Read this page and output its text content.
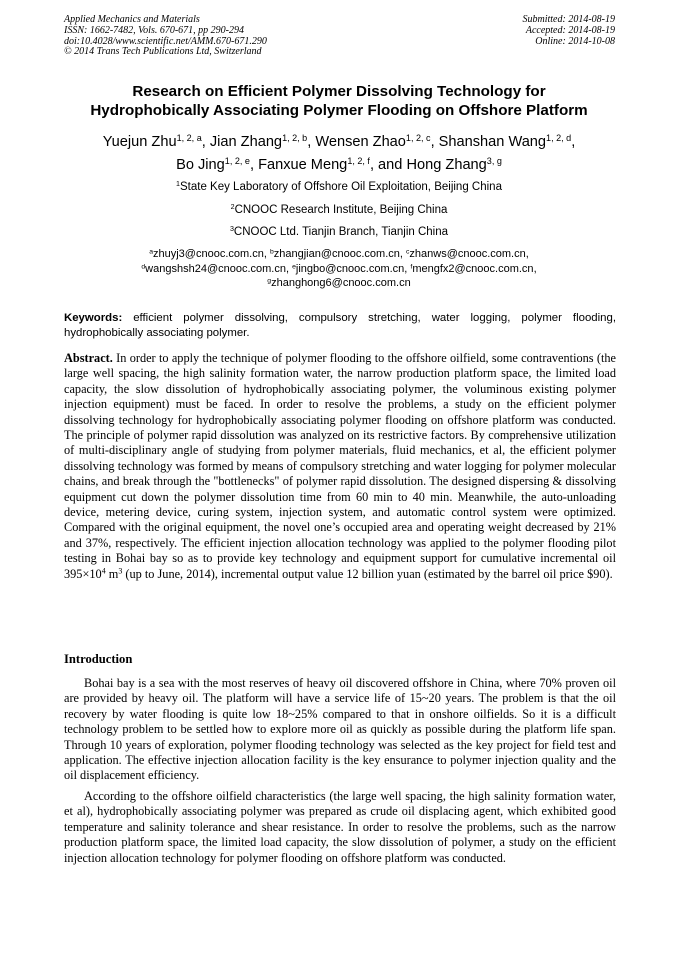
Applied Mechanics and Materials
ISSN: 1662-7482, Vols. 670-671, pp 290-294
doi:10.4028/www.scientific.net/AMM.670-671.290
© 2014 Trans Tech Publications Ltd, Switzerland
Submitted: 2014-08-19
Accepted: 2014-08-19
Online: 2014-10-08
Research on Efficient Polymer Dissolving Technology for
Hydrophobically Associating Polymer Flooding on Offshore Platform
Yuejun Zhu$^{1, 2, a}$, Jian Zhang$^{1, 2, b}$, Wensen Zhao$^{1, 2, c}$, Shanshan Wang$^{1, 2, d}$,
Bo Jing$^{1, 2, e}$, Fanxue Meng$^{1, 2, f}$, and Hong Zhang$^{3, g}$
$^1$State Key Laboratory of Offshore Oil Exploitation, Beijing China
$^2$CNOOC Research Institute, Beijing China
$^3$CNOOC Ltd. Tianjin Branch, Tianjin China
$^a$zhuyj3@cnooc.com.cn, $^b$zhangjian@cnooc.com.cn, $^c$zhanws@cnooc.com.cn,
$^d$wangshsh24@cnooc.com.cn, $^e$jingbo@cnooc.com.cn, $^f$mengfx2@cnooc.com.cn,
$^g$zhanghong6@cnooc.com.cn
Keywords: efficient polymer dissolving, compulsory stretching, water logging, polymer flooding, hydrophobically associating polymer.
Abstract. In order to apply the technique of polymer flooding to the offshore oilfield, some contraventions (the large well spacing, the high salinity formation water, the narrow production platform space, the limited load capacity, the slow dissolution of hydrophobically associating polymer, the voluminous existing polymer injection equipment) must be faced. In order to resolve the problems, a study on the efficient polymer dissolving technology for hydrophobically associating polymer flooding on offshore platform was conducted. The principle of polymer rapid dissolution was analyzed on its restrictive factors. By comprehensive utilization of multi-disciplinary angle of studying from polymer materials, fluid mechanics, et al, the efficient polymer dissolving technology was formed by means of compulsory stretching and water logging for polymer molecular chains, and break through the "bottlenecks" of polymer rapid dissolution. The designed dispersing & dissolving equipment cut down the polymer dissolution time from 60 min to 40 min. Meanwhile, the auto-unloading device, metering device, curing system, injection system, and automatic control system were optimized. Compared with the original equipment, the novel one’s occupied area and operating weight decreased by 21% and 37%, respectively. The efficient injection allocation technology was applied to the polymer flooding pilot testing in Bohai bay so as to provide key technology and equipment support for cumulative incremental oil $395\times 10^4$ $m^3$ (up to June, 2014), incremental output value 12 billion yuan (estimated by the barrel oil price $90).
Introduction
Bohai bay is a sea with the most reserves of heavy oil discovered offshore in China, where 70% proven oil are provided by heavy oil. The platform will have a service life of 15~20 years. The problem is that the oil recovery by water flooding is quite low 18~25% compared to that in onshore oilfields. So it is a difficult technology problem to be settled how to explore more oil as quickly as possible during the platform life span. Through 10 years of exploration, polymer flooding technology was selected as the key project for field test and application. The effective injection allocation facility is the key ensurance to polymer injection quality and the oil displacement efficiency.
According to the offshore oilfield characteristics (the large well spacing, the high salinity formation water, et al), hydrophobically associating polymer was prepared as crude oil displacing agent, which exhibited good temperature and salinity tolerance and shear resistance. In order to resolve the problems, such as the narrow production platform space, the limited load capacity, the slow dissolution of polymer, a study on the efficient injection allocation technology for polymer flooding on offshore platform was conducted.
